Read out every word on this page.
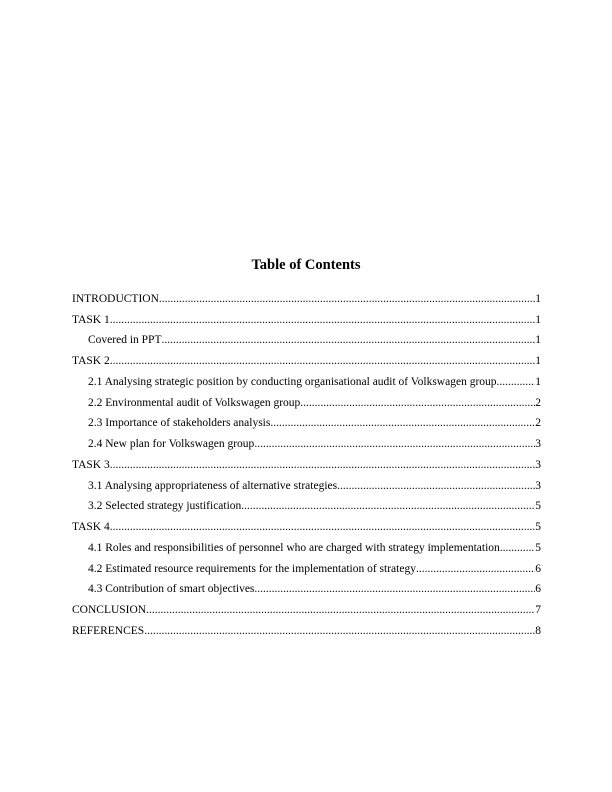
Table of Contents
INTRODUCTION .....	1
TASK 1 .....	1
Covered in PPT .....	1
TASK 2 .....	1
2.1 Analysing strategic position by conducting organisational audit of Volkswagen group .....	1
2.2 Environmental audit of Volkswagen group .....	2
2.3 Importance of stakeholders analysis .....	2
2.4 New plan for Volkswagen group .....	3
TASK 3 .....	3
3.1 Analysing appropriateness of alternative strategies .....	3
3.2 Selected strategy justification .....	5
TASK 4 .....	5
4.1 Roles and responsibilities of personnel who are charged with strategy implementation .....	5
4.2 Estimated resource requirements for the implementation of strategy .....	6
4.3 Contribution of smart objectives .....	6
CONCLUSION .....	7
REFERENCES .....	8
